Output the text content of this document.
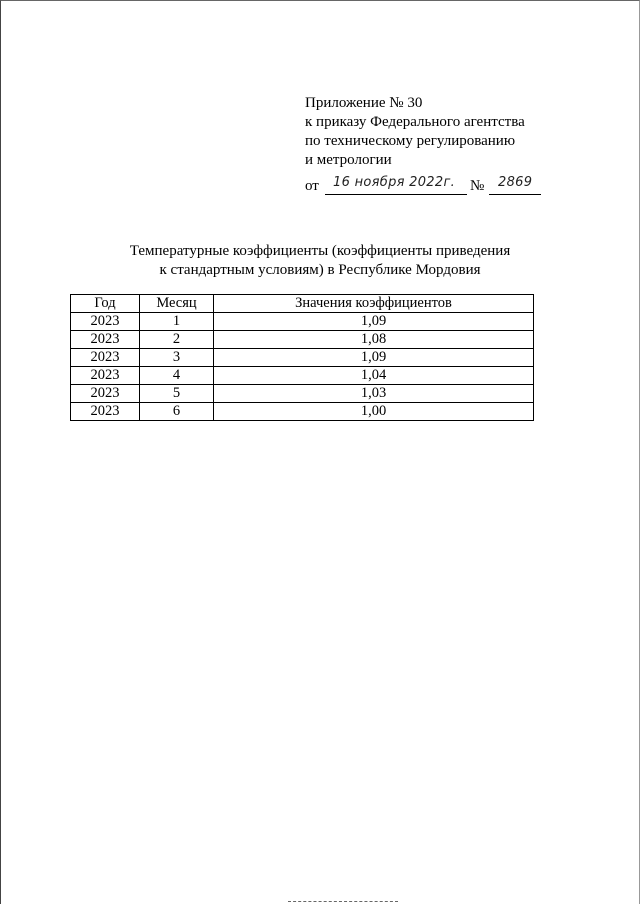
Приложение № 30
к приказу Федерального агентства
по техническому регулированию
и метрологии
от 16 ноября 2022г. № 2869
Температурные коэффициенты (коэффициенты приведения
к стандартным условиям) в Республике Мордовия
Год	Месяц	Значения коэффициентов
2023	1	1,09
2023	2	1,08
2023	3	1,09
2023	4	1,04
2023	5	1,03
2023	6	1,00
